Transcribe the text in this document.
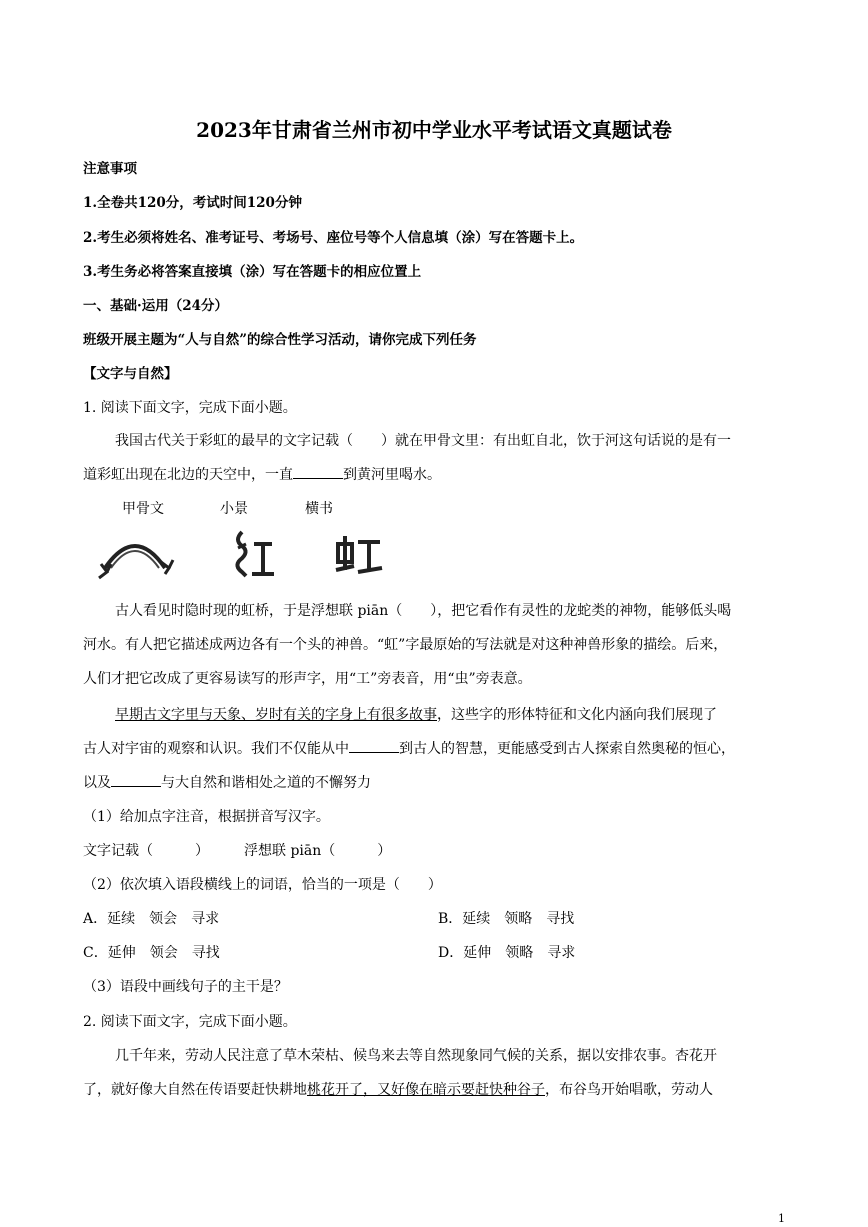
2023年甘肃省兰州市初中学业水平考试语文真题试卷
注意事项
1.全卷共120分，考试时间120分钟
2.考生必须将姓名、准考证号、考场号、座位号等个人信息填（涂）写在答题卡上。
3.考生务必将答案直接填（涂）写在答题卡的相应位置上
一、基础·运用（24分）
班级开展主题为“人与自然”的综合性学习活动，请你完成下列任务
【文字与自然】
1. 阅读下面文字，完成下面小题。
我国古代关于彩虹的最早的文字记载（　　）就在甲骨文里：有出虹自北，饮于河这句话说的是有一
道彩虹出现在北边的天空中，一直	到黄河里喝水。
甲骨文	小景	横书
古人看见时隐时现的虹桥，于是浮想联 piān（　　），把它看作有灵性的龙蛇类的神物，能够低头喝
河水。有人把它描述成两边各有一个头的神兽。“虹”字最原始的写法就是对这种神兽形象的描绘。后来，
人们才把它改成了更容易读写的形声字，用“工”旁表音，用“虫”旁表意。
早期古文字里与天象、岁时有关的字身上有很多故事，这些字的形体特征和文化内涵向我们展现了
古人对宇宙的观察和认识。我们不仅能从中	到古人的智慧，更能感受到古人探索自然奥秘的恒心，
以及	与大自然和谐相处之道的不懈努力
（1）给加点字注音，根据拼音写汉字。
文字记载（　　　）	浮想联 piān（　　　）
（2）依次填入语段横线上的词语，恰当的一项是（　　）
A．延续　领会　寻求	B．延续　领略　寻找
C．延伸　领会　寻找	D．延伸　领略　寻求
（3）语段中画线句子的主干是？
2. 阅读下面文字，完成下面小题。
几千年来，劳动人民注意了草木荣枯、候鸟来去等自然现象同气候的关系，据以安排农事。杏花开
了，就好像大自然在传语要赶快耕地桃花开了，又好像在暗示要赶快种谷子，布谷鸟开始唱歌，劳动人
1
